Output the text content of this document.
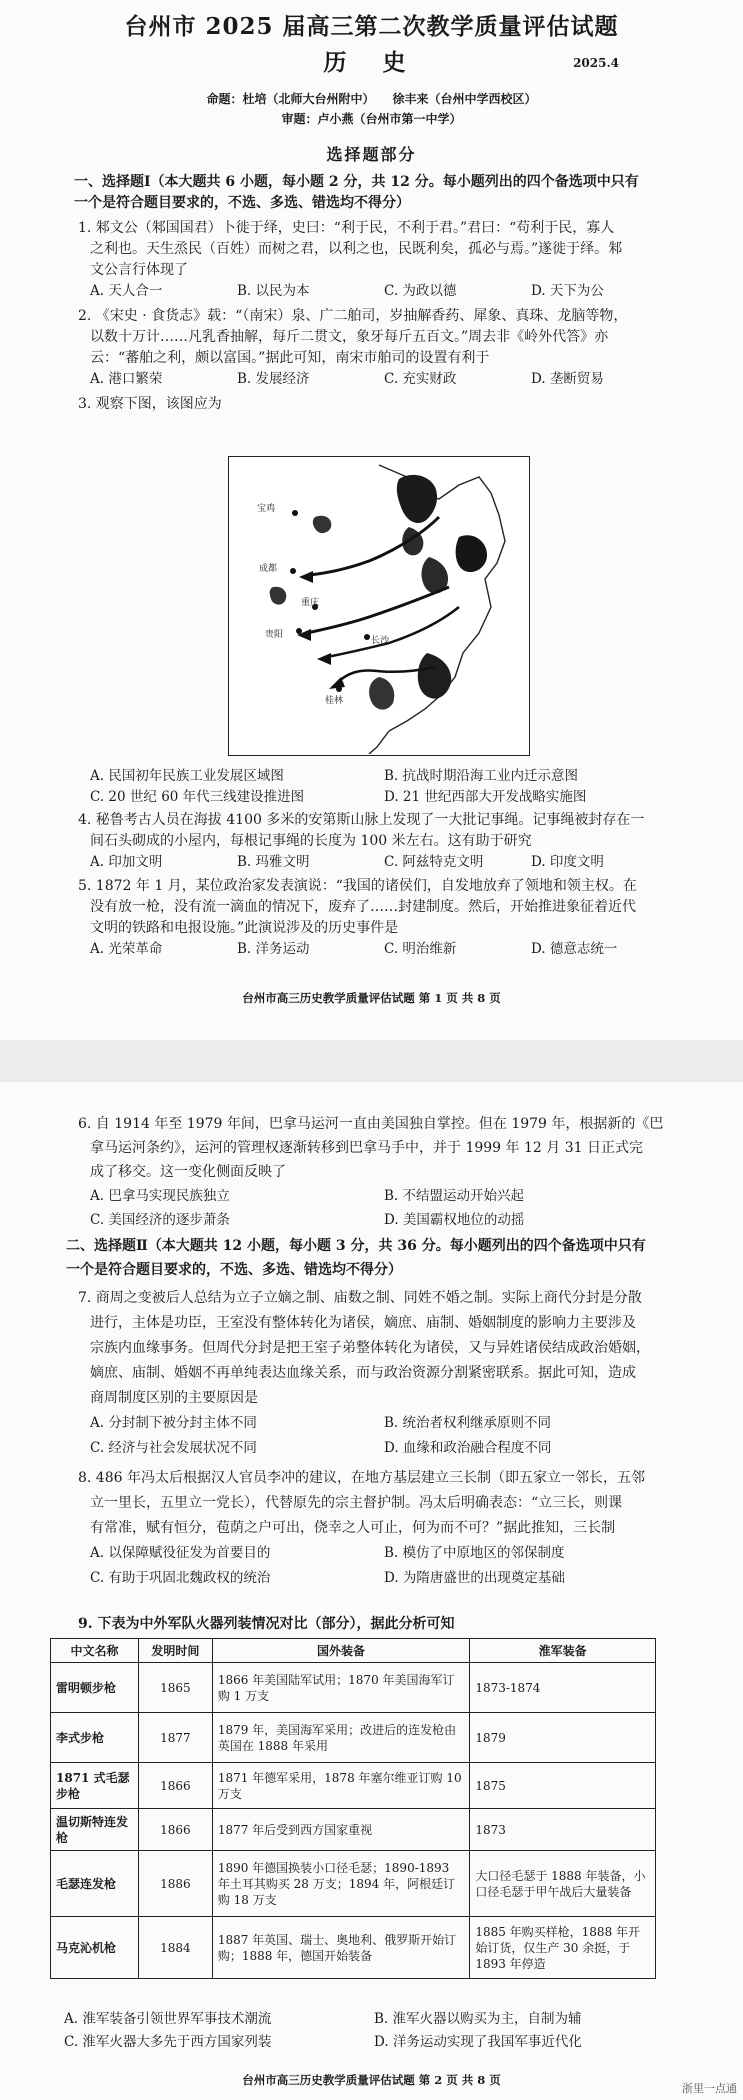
台州市 2025 届高三第二次教学质量评估试题
历 史	2025.4
命题：杜培（北师大台州附中）　　徐丰来（台州中学西校区）
审题：卢小燕（台州市第一中学）
选择题部分
一、选择题Ⅰ（本大题共 6 小题，每小题 2 分，共 12 分。每小题列出的四个备选项中只有
一个是符合题目要求的，不选、多选、错选均不得分）
1. 邾文公（邾国国君）卜徙于绎，史曰：“利于民，不利于君。”君曰：“苟利于民，寡人
之利也。天生烝民（百姓）而树之君，以利之也，民既利矣，孤必与焉。”遂徙于绎。邾
文公言行体现了
A. 天人合一	B. 以民为本	C. 为政以德	D. 天下为公
2. 《宋史 · 食货志》载：“（南宋）泉、广二舶司，岁抽解香药、犀象、真珠、龙脑等物，
以数十万计……凡乳香抽解，每斤二贯文，象牙每斤五百文。”周去非《岭外代答》亦
云：“蕃舶之利，颇以富国。”据此可知，南宋市舶司的设置有利于
A. 港口繁荣	B. 发展经济	C. 充实财政	D. 垄断贸易
3. 观察下图，该图应为
宝鸡
成都
重庆
贵阳
长沙
桂林
A. 民国初年民族工业发展区域图	B. 抗战时期沿海工业内迁示意图
C. 20 世纪 60 年代三线建设推进图	D. 21 世纪西部大开发战略实施图
4. 秘鲁考古人员在海拔 4100 多米的安第斯山脉上发现了一大批记事绳。记事绳被封存在一
间石头砌成的小屋内，每根记事绳的长度为 100 米左右。这有助于研究
A. 印加文明	B. 玛雅文明	C. 阿兹特克文明	D. 印度文明
5. 1872 年 1 月，某位政治家发表演说：“我国的诸侯们，自发地放弃了领地和领主权。在
没有放一枪，没有流一滴血的情况下，废弃了……封建制度。然后，开始推进象征着近代
文明的铁路和电报设施。”此演说涉及的历史事件是
A. 光荣革命	B. 洋务运动	C. 明治维新	D. 德意志统一
台州市高三历史教学质量评估试题 第 1 页 共 8 页
6. 自 1914 年至 1979 年间，巴拿马运河一直由美国独自掌控。但在 1979 年，根据新的《巴
拿马运河条约》，运河的管理权逐渐转移到巴拿马手中，并于 1999 年 12 月 31 日正式完
成了移交。这一变化侧面反映了
A. 巴拿马实现民族独立	B. 不结盟运动开始兴起
C. 美国经济的逐步萧条	D. 美国霸权地位的动摇
二、选择题Ⅱ（本大题共 12 小题，每小题 3 分，共 36 分。每小题列出的四个备选项中只有
一个是符合题目要求的，不选、多选、错选均不得分）
7. 商周之变被后人总结为立子立嫡之制、庙数之制、同姓不婚之制。实际上商代分封是分散
进行，主体是功臣，王室没有整体转化为诸侯，嫡庶、庙制、婚姻制度的影响力主要涉及
宗族内血缘事务。但周代分封是把王室子弟整体转化为诸侯，又与异姓诸侯结成政治婚姻，
嫡庶、庙制、婚姻不再单纯表达血缘关系，而与政治资源分割紧密联系。据此可知，造成
商周制度区别的主要原因是
A. 分封制下被分封主体不同	B. 统治者权利继承原则不同
C. 经济与社会发展状况不同	D. 血缘和政治融合程度不同
8. 486 年冯太后根据汉人官员李冲的建议，在地方基层建立三长制（即五家立一邻长，五邻
立一里长，五里立一党长），代替原先的宗主督护制。冯太后明确表态：“立三长，则课
有常准，赋有恒分，苞荫之户可出，侥幸之人可止，何为而不可？”据此推知，三长制
A. 以保障赋役征发为首要目的	B. 模仿了中原地区的邻保制度
C. 有助于巩固北魏政权的统治	D. 为隋唐盛世的出现奠定基础
9. 下表为中外军队火器列装情况对比（部分），据此分析可知
中文名称	发明时间	国外装备	淮军装备
雷明顿步枪	1865	1866 年美国陆军试用；1870 年美国海军订购 1 万支	1873-1874
李式步枪	1877	1879 年，美国海军采用；改进后的连发枪由英国在 1888 年采用	1879
1871 式毛瑟步枪	1866	1871 年德军采用，1878 年塞尔维亚订购 10 万支	1875
温切斯特连发枪	1866	1877 年后受到西方国家重视	1873
毛瑟连发枪	1886	1890 年德国换装小口径毛瑟；1890-1893 年土耳其购买 28 万支；1894 年，阿根廷订购 18 万支	大口径毛瑟于 1888 年装备，小口径毛瑟于甲午战后大量装备
马克沁机枪	1884	1887 年英国、瑞士、奥地利、俄罗斯开始订购；1888 年，德国开始装备	1885 年购买样枪，1888 年开始订货，仅生产 30 余挺，于 1893 年停造
A. 淮军装备引领世界军事技术潮流	B. 淮军火器以购买为主，自制为辅
C. 淮军火器大多先于西方国家列装	D. 洋务运动实现了我国军事近代化
台州市高三历史教学质量评估试题 第 2 页 共 8 页
浙里一点通
